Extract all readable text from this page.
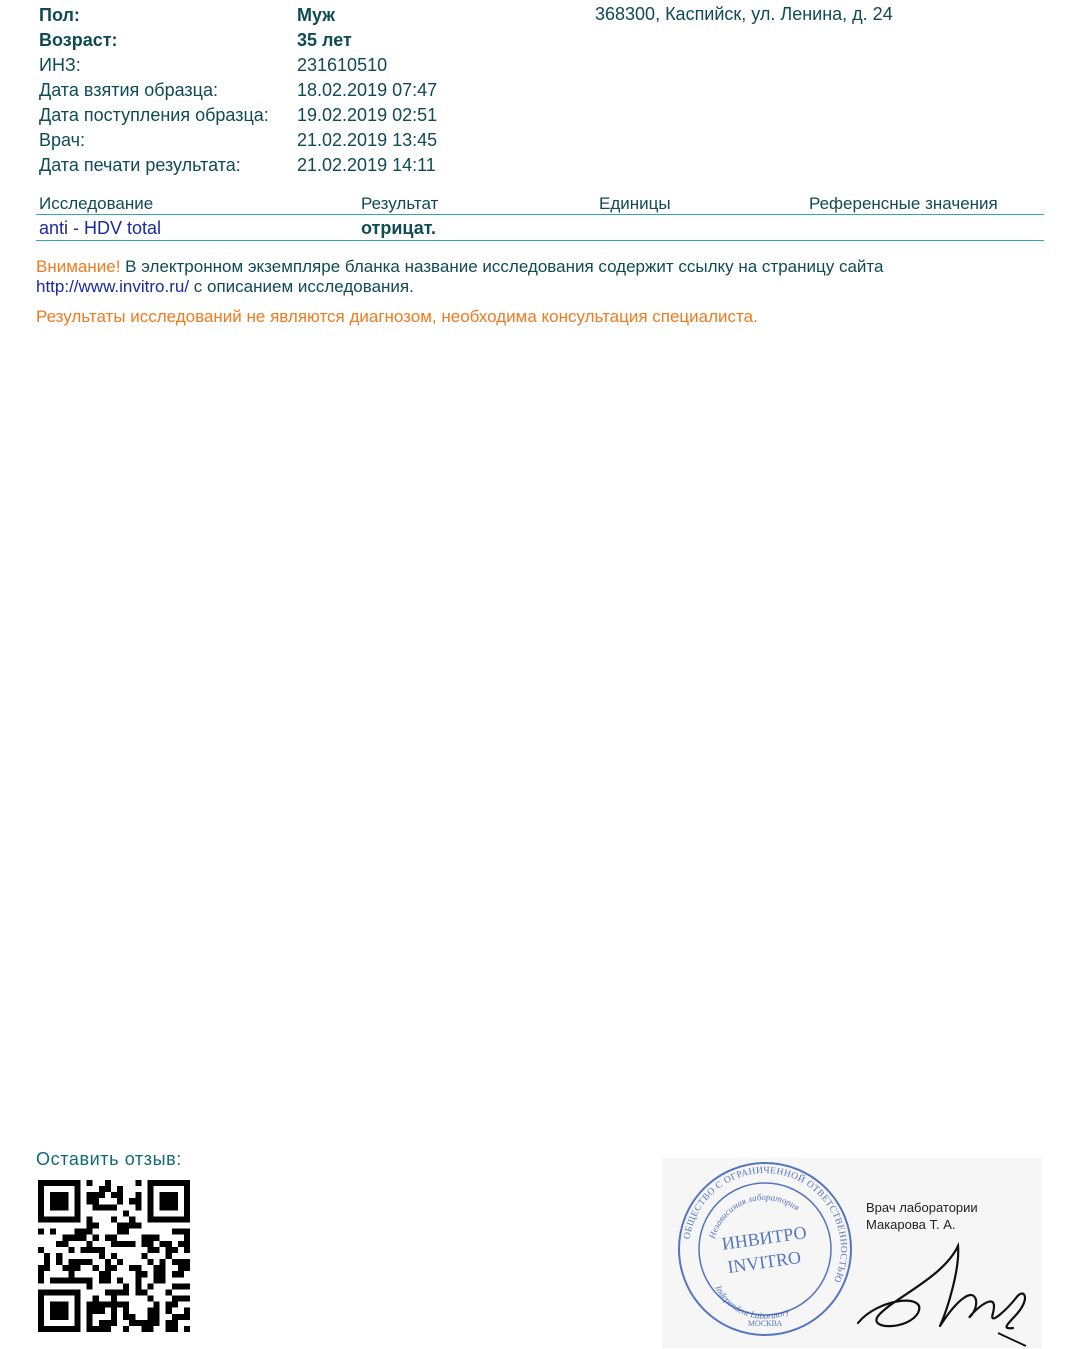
Пол:	Муж	368300, Каспийск, ул. Ленина, д. 24
Возраст:	35 лет
ИНЗ:	231610510
Дата взятия образца:	18.02.2019 07:47
Дата поступления образца: 19.02.2019 02:51
Врач:	21.02.2019 13:45
Дата печати результата:	21.02.2019 14:11
Исследование	Результат	Единицы	Референсные значения
anti - HDV total	отрицат.
Внимание! В электронном экземпляре бланка название исследования содержит ссылку на страницу сайта
http://www.invitro.ru/ с описанием исследования.
Результаты исследований не являются диагнозом, необходима консультация специалиста.
Оставить отзыв:
ОБЩЕСТВО С ОГРАНИЧЕННОЙ ОТВЕТСТВЕННОСТЬЮ
Независимая лаборатория
ИНВИТРО
INVITRO
Independent Laboratory
МОСКВА
Врач лаборатории
Макарова Т. А.
